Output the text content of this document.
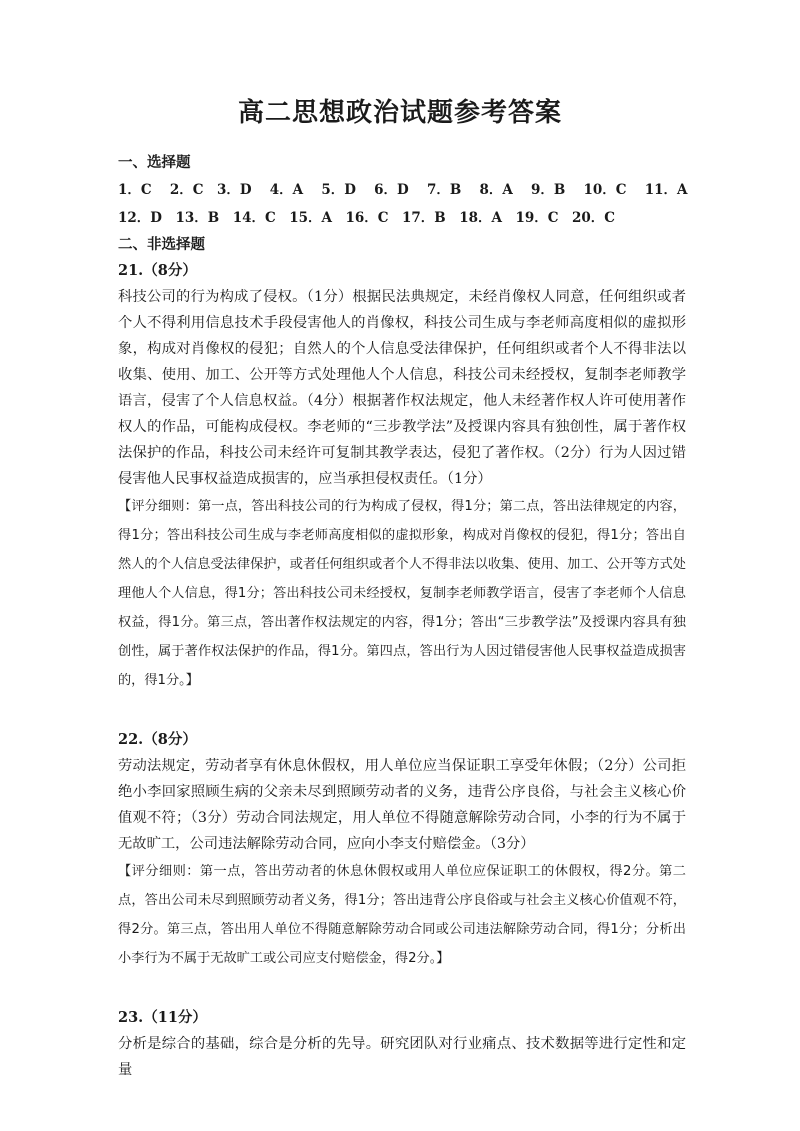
高二思想政治试题参考答案
一、选择题
1．C　 2．C　3．D　 4．A　 5．D　 6．D　 7．B　 8．A　 9．B　 10．C　 11．A
12．D　13．B　14．C　15．A　16．C　17．B　18．A　19．C　20．C
二、非选择题
21.（8分）

科技公司的行为构成了侵权。（1分）根据民法典规定，未经肖像权人同意，任何组织或者个人不得利用信息技术手段侵害他人的肖像权，科技公司生成与李老师高度相似的虚拟形象，构成对肖像权的侵犯；自然人的个人信息受法律保护，任何组织或者个人不得非法以收集、使用、加工、公开等方式处理他人个人信息，科技公司未经授权，复制李老师教学语言，侵害了个人信息权益。（4分）根据著作权法规定，他人未经著作权人许可使用著作权人的作品，可能构成侵权。李老师的“三步教学法”及授课内容具有独创性，属于著作权法保护的作品，科技公司未经许可复制其教学表达，侵犯了著作权。（2分）行为人因过错侵害他人民事权益造成损害的，应当承担侵权责任。（1分）

【评分细则：第一点，答出科技公司的行为构成了侵权，得1分；第二点，答出法律规定的内容，得1分；答出科技公司生成与李老师高度相似的虚拟形象，构成对肖像权的侵犯，得1分；答出自然人的个人信息受法律保护，或者任何组织或者个人不得非法以收集、使用、加工、公开等方式处理他人个人信息，得1分；答出科技公司未经授权，复制李老师教学语言，侵害了李老师个人信息权益，得1分。第三点，答出著作权法规定的内容，得1分；答出“三步教学法”及授课内容具有独创性，属于著作权法保护的作品，得1分。第四点，答出行为人因过错侵害他人民事权益造成损害的，得1分。】

22.（8分）

劳动法规定，劳动者享有休息休假权，用人单位应当保证职工享受年休假；（2分）公司拒绝小李回家照顾生病的父亲未尽到照顾劳动者的义务，违背公序良俗，与社会主义核心价值观不符；（3分）劳动合同法规定，用人单位不得随意解除劳动合同，小李的行为不属于无故旷工，公司违法解除劳动合同，应向小李支付赔偿金。（3分）

【评分细则：第一点，答出劳动者的休息休假权或用人单位应保证职工的休假权，得2分。第二点，答出公司未尽到照顾劳动者义务，得1分；答出违背公序良俗或与社会主义核心价值观不符，得2分。第三点，答出用人单位不得随意解除劳动合同或公司违法解除劳动合同，得1分；分析出小李行为不属于无故旷工或公司应支付赔偿金，得2分。】

23.（11分）

分析是综合的基础，综合是分析的先导。研究团队对行业痛点、技术数据等进行定性和定量
